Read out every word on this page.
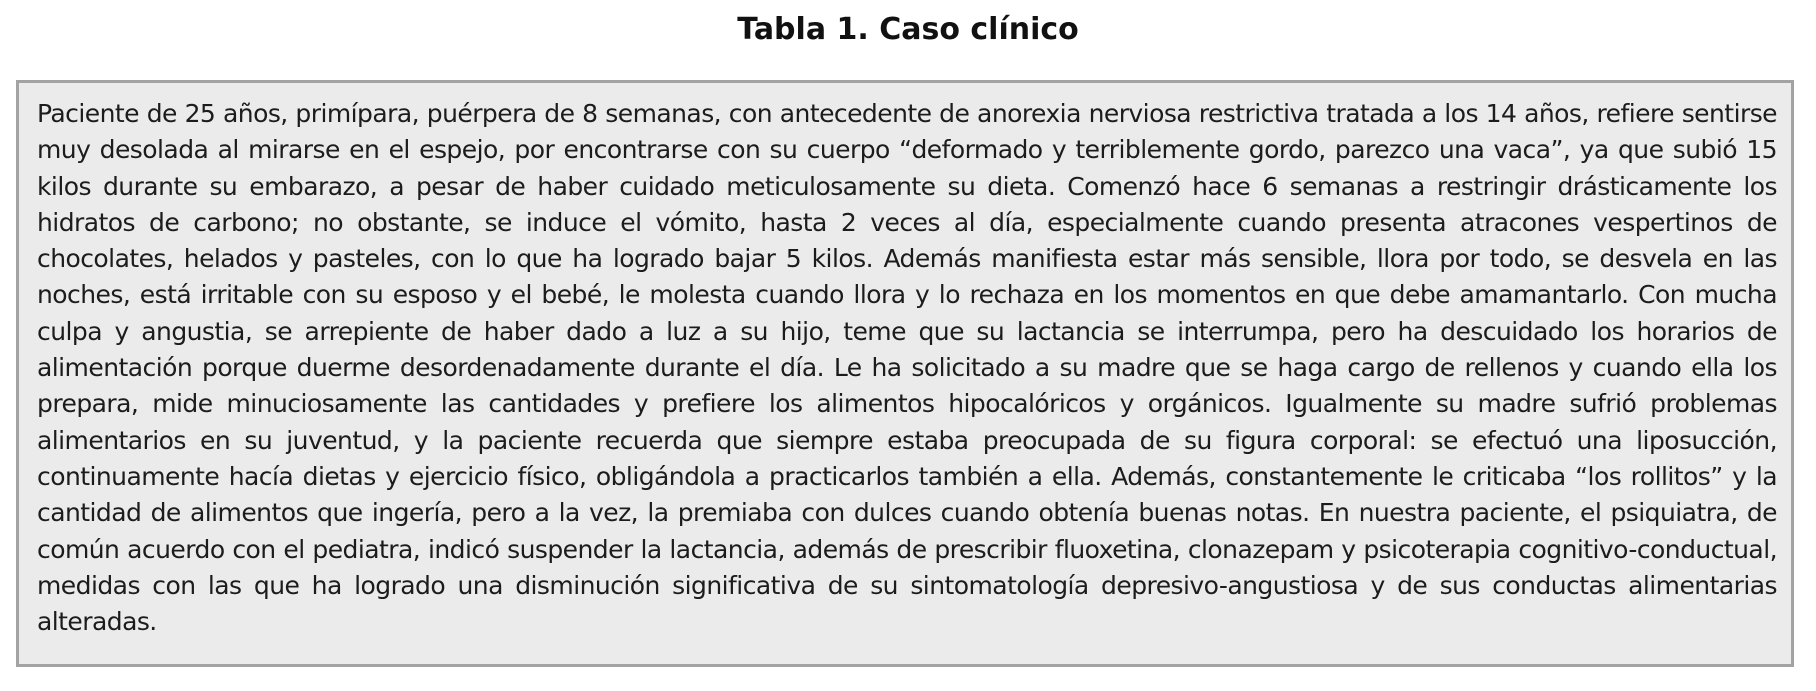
Tabla 1. Caso clínico

Paciente de 25 años, primípara, puérpera de 8 semanas, con antecedente de anorexia nerviosa restrictiva tratada a los 14 años, refiere sentirse muy desolada al mirarse en el espejo, por encontrarse con su cuerpo “deformado y terriblemente gordo, parezco una vaca”, ya que subió 15 kilos durante su embarazo, a pesar de haber cuidado meticulosamente su dieta. Comenzó hace 6 semanas a restringir drásticamente los hidratos de carbono; no obstante, se induce el vómito, hasta 2 veces al día, especialmente cuando presenta atracones vespertinos de chocolates, helados y pasteles, con lo que ha logrado bajar 5 kilos. Además manifiesta estar más sensible, llora por todo, se desvela en las noches, está irritable con su esposo y el bebé, le molesta cuando llora y lo rechaza en los momentos en que debe amamantarlo. Con mucha culpa y angustia, se arrepiente de haber dado a luz a su hijo, teme que su lactancia se interrumpa, pero ha descuidado los horarios de alimentación porque duerme desordenadamente durante el día. Le ha solicitado a su madre que se haga cargo de rellenos y cuando ella los prepara, mide minuciosamente las cantidades y prefiere los alimentos hipocalóricos y orgánicos. Igualmente su madre sufrió problemas alimentarios en su juventud, y la paciente recuerda que siempre estaba preocupada de su figura corporal: se efectuó una liposucción, continuamente hacía dietas y ejercicio físico, obligándola a practicarlos también a ella. Además, constantemente le criticaba “los rollitos” y la cantidad de alimentos que ingería, pero a la vez, la premiaba con dulces cuando obtenía buenas notas. En nuestra paciente, el psiquiatra, de común acuerdo con el pediatra, indicó suspender la lactancia, además de prescribir fluoxetina, clonazepam y psicoterapia cognitivo-conductual, medidas con las que ha logrado una disminución significativa de su sintomatología depresivo-angustiosa y de sus conductas alimentarias alteradas.
